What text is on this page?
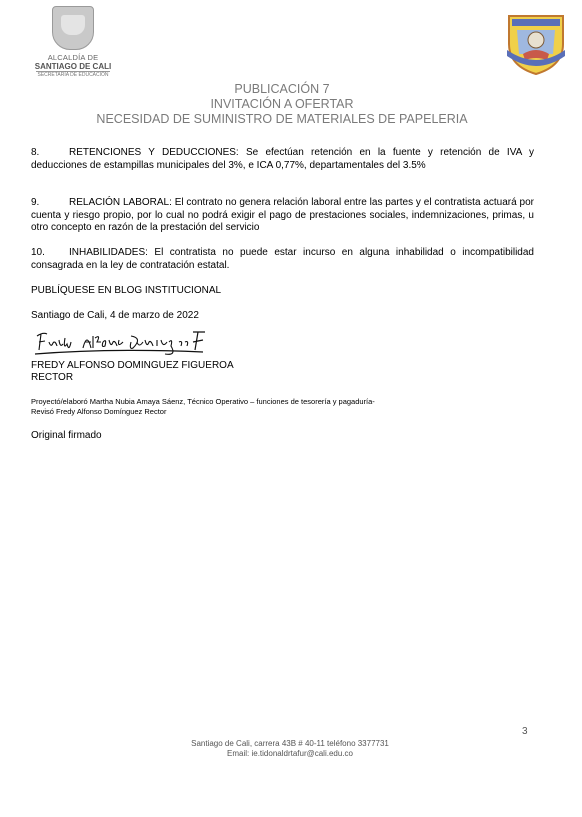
ALCALDÍA DE
SANTIAGO DE CALI
SECRETARÍA DE EDUCACIÓN
PUBLICACIÓN 7
INVITACIÓN A OFERTAR
NECESIDAD DE SUMINISTRO DE MATERIALES DE PAPELERIA
8.	RETENCIONES Y DEDUCCIONES: Se efectúan retención en la fuente y retención de IVA y deducciones de estampillas municipales del 3%, e ICA 0,77%, departamentales del 3.5%
9.	RELACIÓN LABORAL: El contrato no genera relación laboral entre las partes y el contratista actuará por cuenta y riesgo propio, por lo cual no podrá exigir el pago de prestaciones sociales, indemnizaciones, primas, u otro concepto en razón de la prestación del servicio
10. INHABILIDADES: El contratista no puede estar incurso en alguna inhabilidad o incompatibilidad consagrada en la ley de contratación estatal.
PUBLÍQUESE EN BLOG INSTITUCIONAL
Santiago de Cali, 4 de marzo de 2022
FREDY ALFONSO DOMINGUEZ FIGUEROA
RECTOR
Proyectó/elaboró Martha Nubia Amaya Sáenz, Técnico Operativo – funciones de tesorería y pagaduría-
Revisó Fredy Alfonso Domínguez Rector
Original firmado
3
Santiago de Cali, carrera 43B # 40-11 teléfono 3377731
Email: ie.tidonaldrtafur@cali.edu.co
